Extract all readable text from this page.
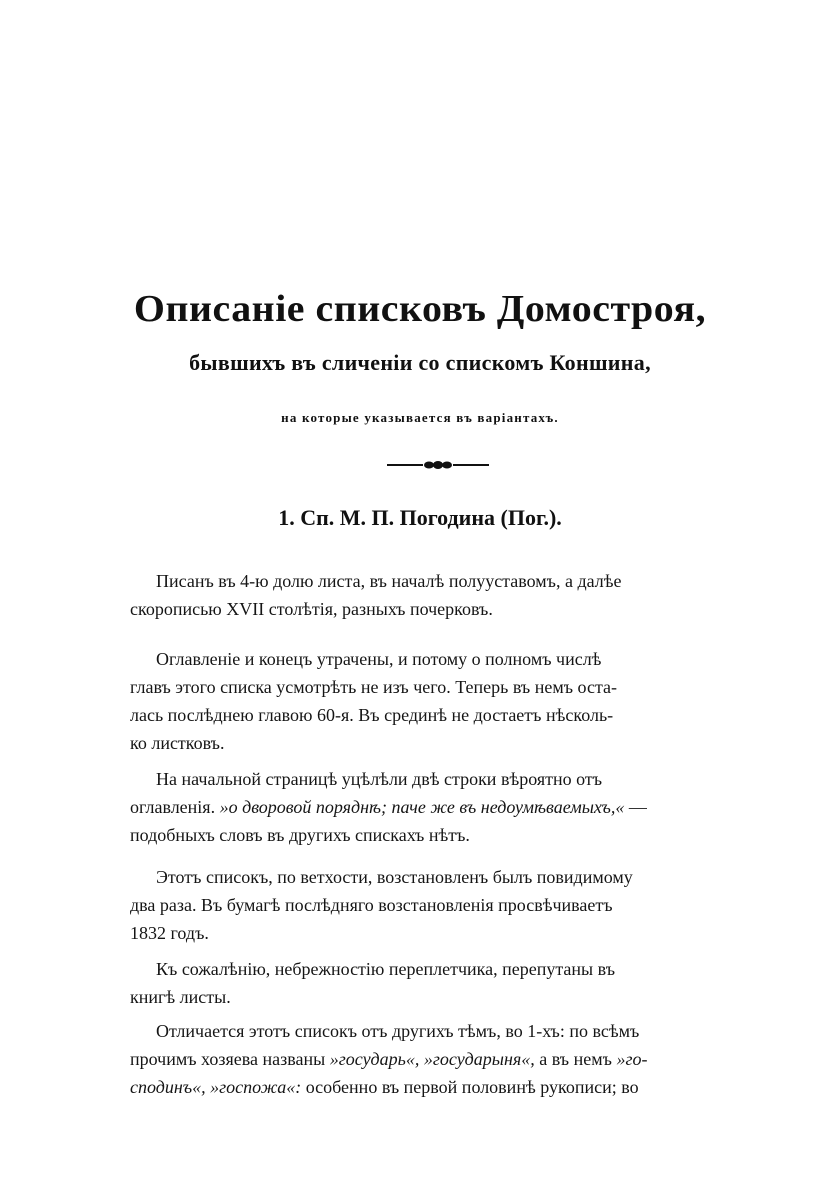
Описаніе списковъ Домостроя,
бывшихъ въ сличеніи со спискомъ Коншина,
на которые указывается въ варіантахъ.
1. Сп. М. П. Погодина (Пог.).

Писанъ въ 4-ю долю листа, въ началѣ полууставомъ, а далѣе
скорописью XVII столѣтія, разныхъ почерковъ.

Оглавленіе и конецъ утрачены, и потому о полномъ числѣ
главъ этого списка усмотрѣть не изъ чего. Теперь въ немъ оста-
лась послѣднею главою 60-я. Въ срединѣ не достаетъ нѣсколь-
ко листковъ.

На начальной страницѣ уцѣлѣли двѣ строки вѣроятно отъ
оглавленія. »о дворовой поряднѣ; паче же въ недоумѣваемыхъ,« —
подобныхъ словъ въ другихъ спискахъ нѣтъ.

Этотъ списокъ, по ветхости, возстановленъ былъ повидимому
два раза. Въ бумагѣ послѣдняго возстановленія просвѣчиваетъ
1832 годъ.

Къ сожалѣнію, небрежностію переплетчика, перепутаны въ
книгѣ листы.

Отличается этотъ списокъ отъ другихъ тѣмъ, во 1-хъ: по всѣмъ
прочимъ хозяева названы »государь«, »государыня«, а въ немъ »го-
сподинъ«, »госпожа«: особенно въ первой половинѣ рукописи; во
